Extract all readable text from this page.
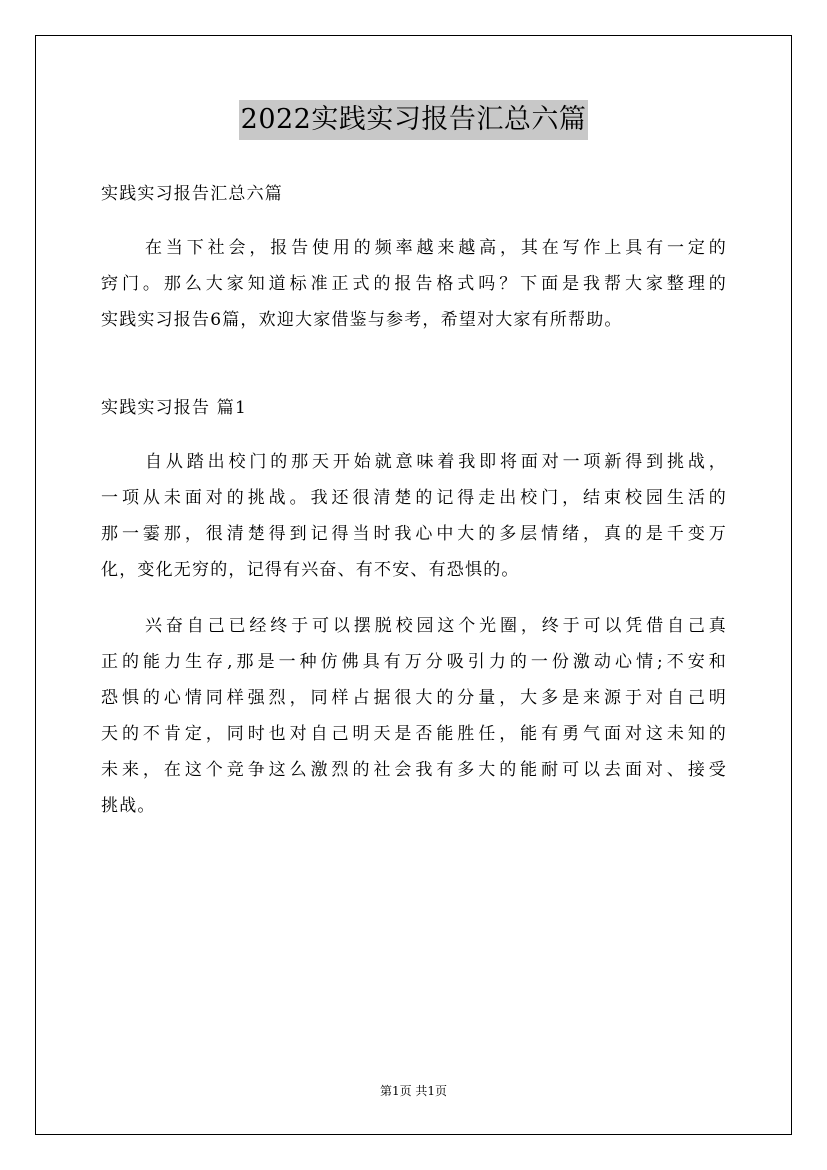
2022实践实习报告汇总六篇

实践实习报告汇总六篇

在当下社会，报告使用的频率越来越高，其在写作上具有一定的
窍门。那么大家知道标准正式的报告格式吗？下面是我帮大家整理的
实践实习报告6篇，欢迎大家借鉴与参考，希望对大家有所帮助。

实践实习报告 篇1

自从踏出校门的那天开始就意味着我即将面对一项新得到挑战，
一项从未面对的挑战。我还很清楚的记得走出校门，结束校园生活的
那一霎那，很清楚得到记得当时我心中大的多层情绪，真的是千变万
化，变化无穷的，记得有兴奋、有不安、有恐惧的。
兴奋自己已经终于可以摆脱校园这个光圈，终于可以凭借自己真
正的能力生存,那是一种仿佛具有万分吸引力的一份激动心情;不安和
恐惧的心情同样强烈，同样占据很大的分量，大多是来源于对自己明
天的不肯定，同时也对自己明天是否能胜任，能有勇气面对这未知的
未来，在这个竞争这么激烈的社会我有多大的能耐可以去面对、接受
挑战。
第1页 共1页
